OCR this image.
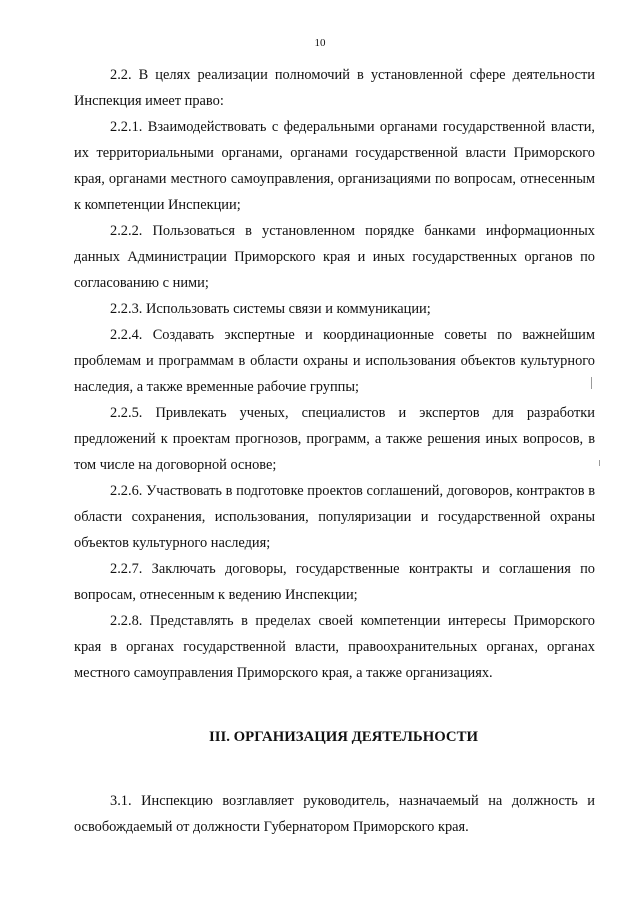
10

2.2. В целях реализации полномочий в установленной сфере деятельности Инспекция имеет право:

2.2.1. Взаимодействовать с федеральными органами государственной власти, их территориальными органами, органами государственной власти Приморского края, органами местного самоуправления, организациями по вопросам, отнесенным к компетенции Инспекции;

2.2.2. Пользоваться в установленном порядке банками информационных данных Администрации Приморского края и иных государственных органов по согласованию с ними;

2.2.3. Использовать системы связи и коммуникации;

2.2.4. Создавать экспертные и координационные советы по важнейшим проблемам и программам в области охраны и использования объектов культурного наследия, а также временные рабочие группы;

2.2.5. Привлекать ученых, специалистов и экспертов для разработки предложений к проектам прогнозов, программ, а также решения иных вопросов, в том числе на договорной основе;

2.2.6. Участвовать в подготовке проектов соглашений, договоров, контрактов в области сохранения, использования, популяризации и государственной охраны объектов культурного наследия;

2.2.7. Заключать договоры, государственные контракты и соглашения по вопросам, отнесенным к ведению Инспекции;

2.2.8. Представлять в пределах своей компетенции интересы Приморского края в органах государственной власти, правоохранительных органах, органах местного самоуправления Приморского края, а также организациях.

III. ОРГАНИЗАЦИЯ ДЕЯТЕЛЬНОСТИ

3.1. Инспекцию возглавляет руководитель, назначаемый на должность и освобождаемый от должности Губернатором Приморского края.
